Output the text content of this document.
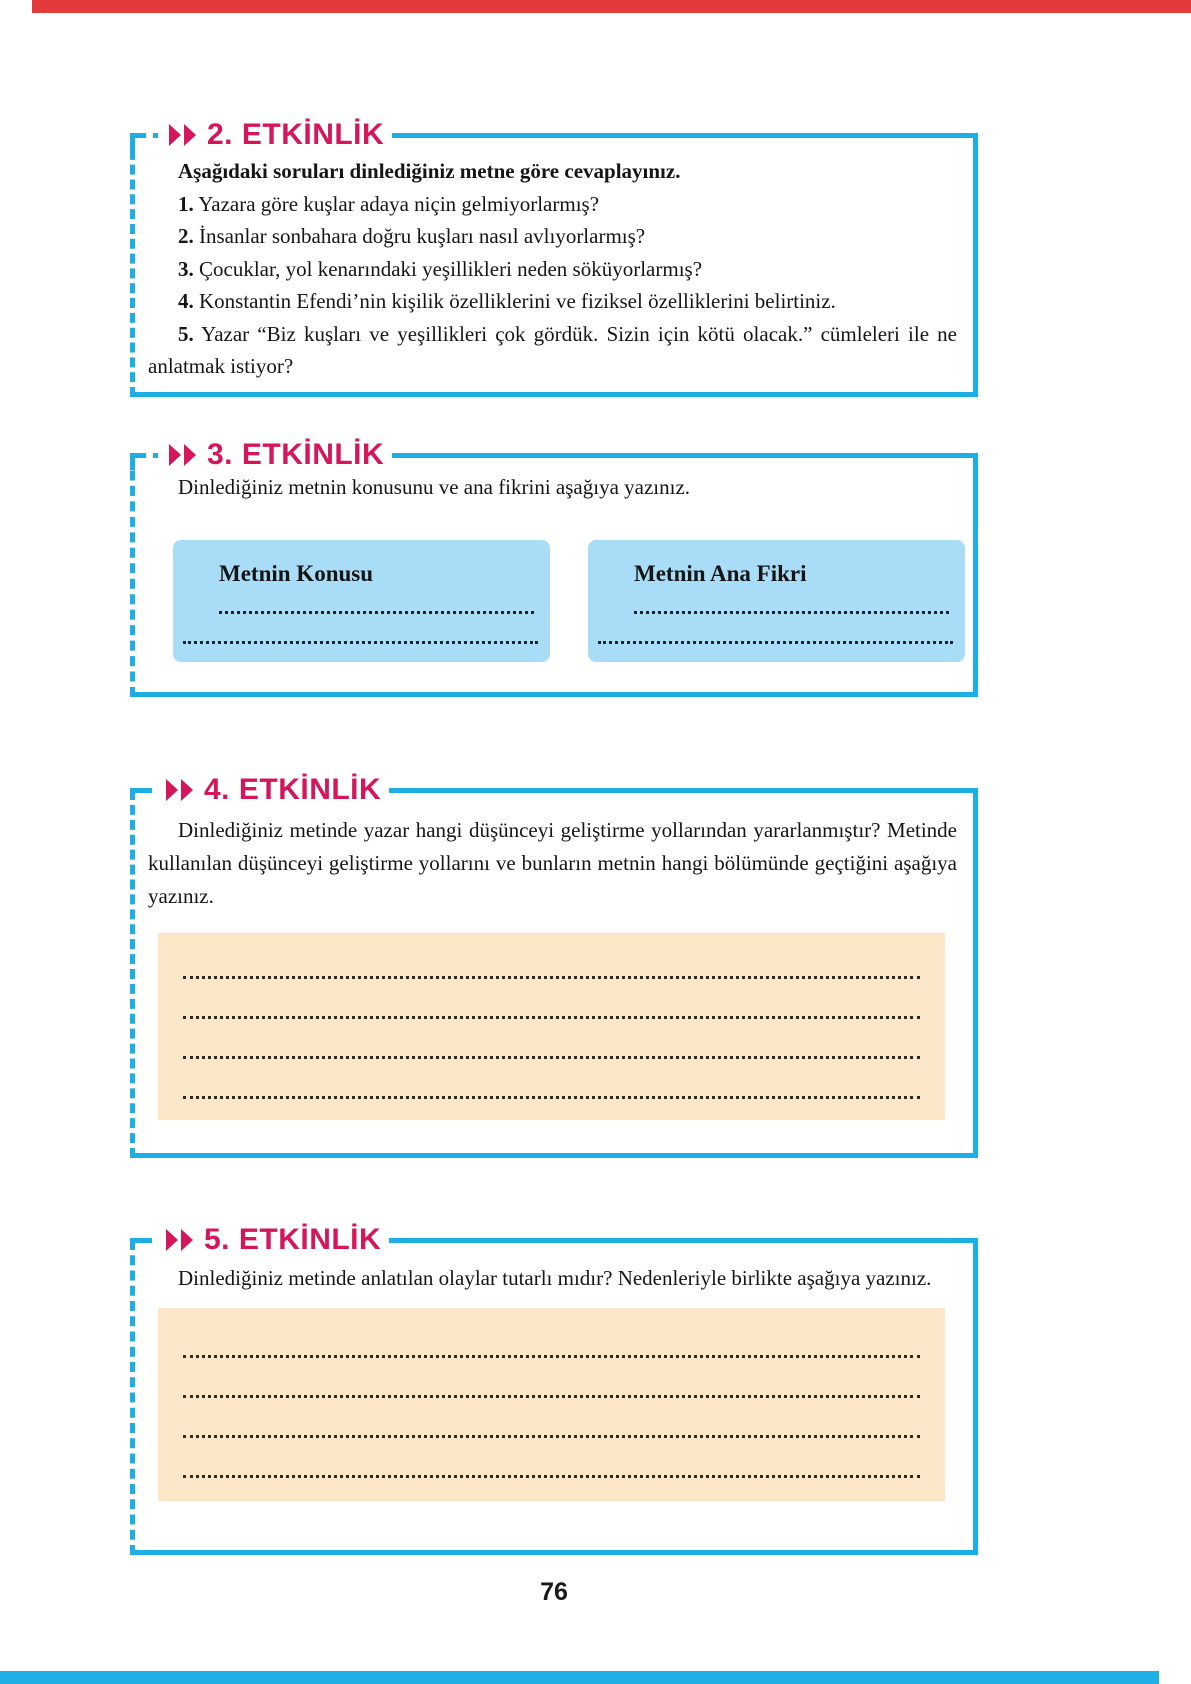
2. ETKİNLİK

Aşağıdaki soruları dinlediğiniz metne göre cevaplayınız.

1. Yazara göre kuşlar adaya niçin gelmiyorlarmış?

2. İnsanlar sonbahara doğru kuşları nasıl avlıyorlarmış?

3. Çocuklar, yol kenarındaki yeşillikleri neden söküyorlarmış?

4. Konstantin Efendi’nin kişilik özelliklerini ve fiziksel özelliklerini belirtiniz.

5. Yazar “Biz kuşları ve yeşillikleri çok gördük. Sizin için kötü olacak.” cümleleri ile ne anlatmak istiyor?

3. ETKİNLİK

Dinlediğiniz metnin konusunu ve ana fikrini aşağıya yazınız.

Metnin Konusu	Metnin Ana Fikri
4. ETKİNLİK

Dinlediğiniz metinde yazar hangi düşünceyi geliştirme yollarından yararlanmıştır? Metinde kullanılan düşünceyi geliştirme yollarını ve bunların metnin hangi bölümünde geçtiğini aşağıya yazınız.

5. ETKİNLİK

Dinlediğiniz metinde anlatılan olaylar tutarlı mıdır? Nedenleriyle birlikte aşağıya yazınız.

76
